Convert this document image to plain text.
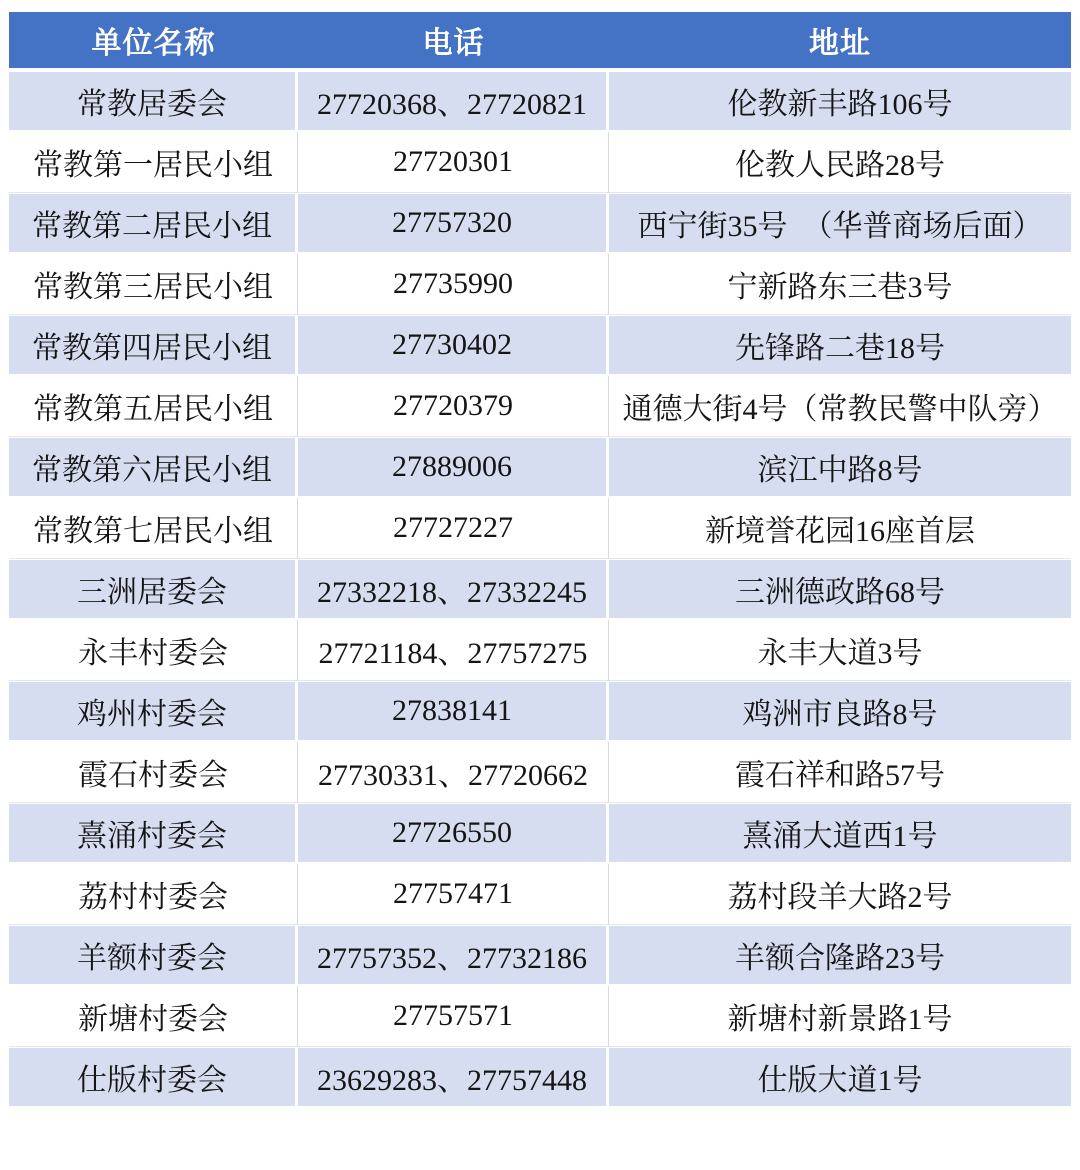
单位名称	电话	地址
常教居委会	27720368、27720821	伦教新丰路106号
常教第一居民小组	27720301	伦教人民路28号
常教第二居民小组	27757320	西宁街35号　（华普商场后面）
常教第三居民小组	27735990	宁新路东三巷3号
常教第四居民小组	27730402	先锋路二巷18号
常教第五居民小组	27720379	通德大街4号（常教民警中队旁）
常教第六居民小组	27889006	滨江中路8号
常教第七居民小组	27727227	新境誉花园16座首层
三洲居委会	27332218、27332245	三洲德政路68号
永丰村委会	27721184、27757275	永丰大道3号
鸡州村委会	27838141	鸡洲市良路8号
霞石村委会	27730331、27720662	霞石祥和路57号
熹涌村委会	27726550	熹涌大道西1号
荔村村委会	27757471	荔村段羊大路2号
羊额村委会	27757352、27732186	羊额合隆路23号
新塘村委会	27757571	新塘村新景路1号
仕版村委会	23629283、27757448	仕版大道1号
